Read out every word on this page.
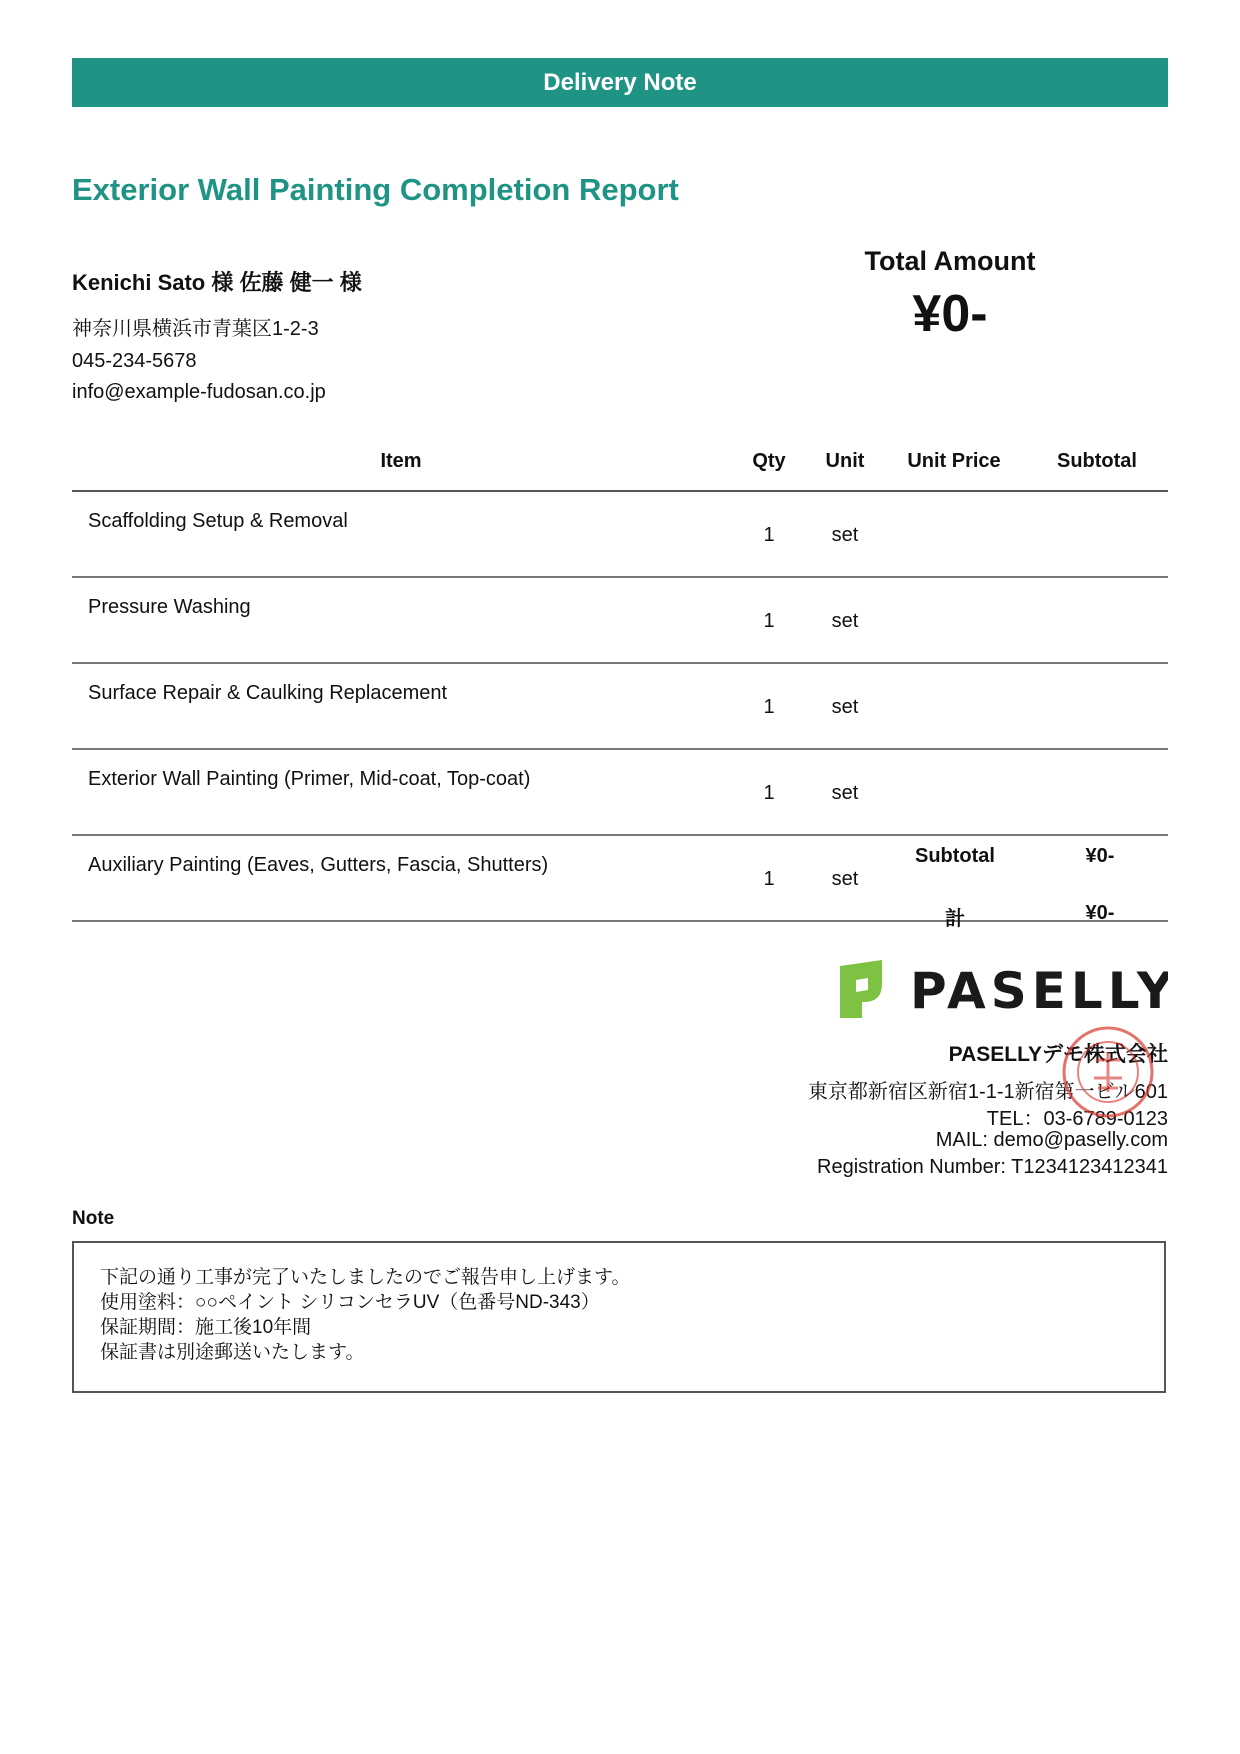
Delivery Note
Exterior Wall Painting Completion Report
Kenichi Sato 様 佐藤 健一 様
神奈川県横浜市青葉区1-2-3
045-234-5678
info@example-fudosan.co.jp
Total Amount
¥0-
Item	Qty	Unit	Unit Price	Subtotal
Scaffolding Setup & Removal	1	set		
Pressure Washing	1	set		
Surface Repair & Caulking Replacement	1	set		
Exterior Wall Painting (Primer, Mid-coat, Top-coat)	1	set		
Auxiliary Painting (Eaves, Gutters, Fascia, Shutters)	1	set		
Subtotal	¥0-
計	¥0-
PASELLY
PASELLYデモ株式会社
東京都新宿区新宿1-1-1新宿第一ビル601
TEL：03-6789-0123
MAIL: demo@paselly.com
Registration Number: T1234123412341
Note
下記の通り工事が完了いたしましたのでご報告申し上げます。
使用塗料：○○ペイント シリコンセラUV（色番号ND-343）
保証期間：施工後10年間
保証書は別途郵送いたします。
